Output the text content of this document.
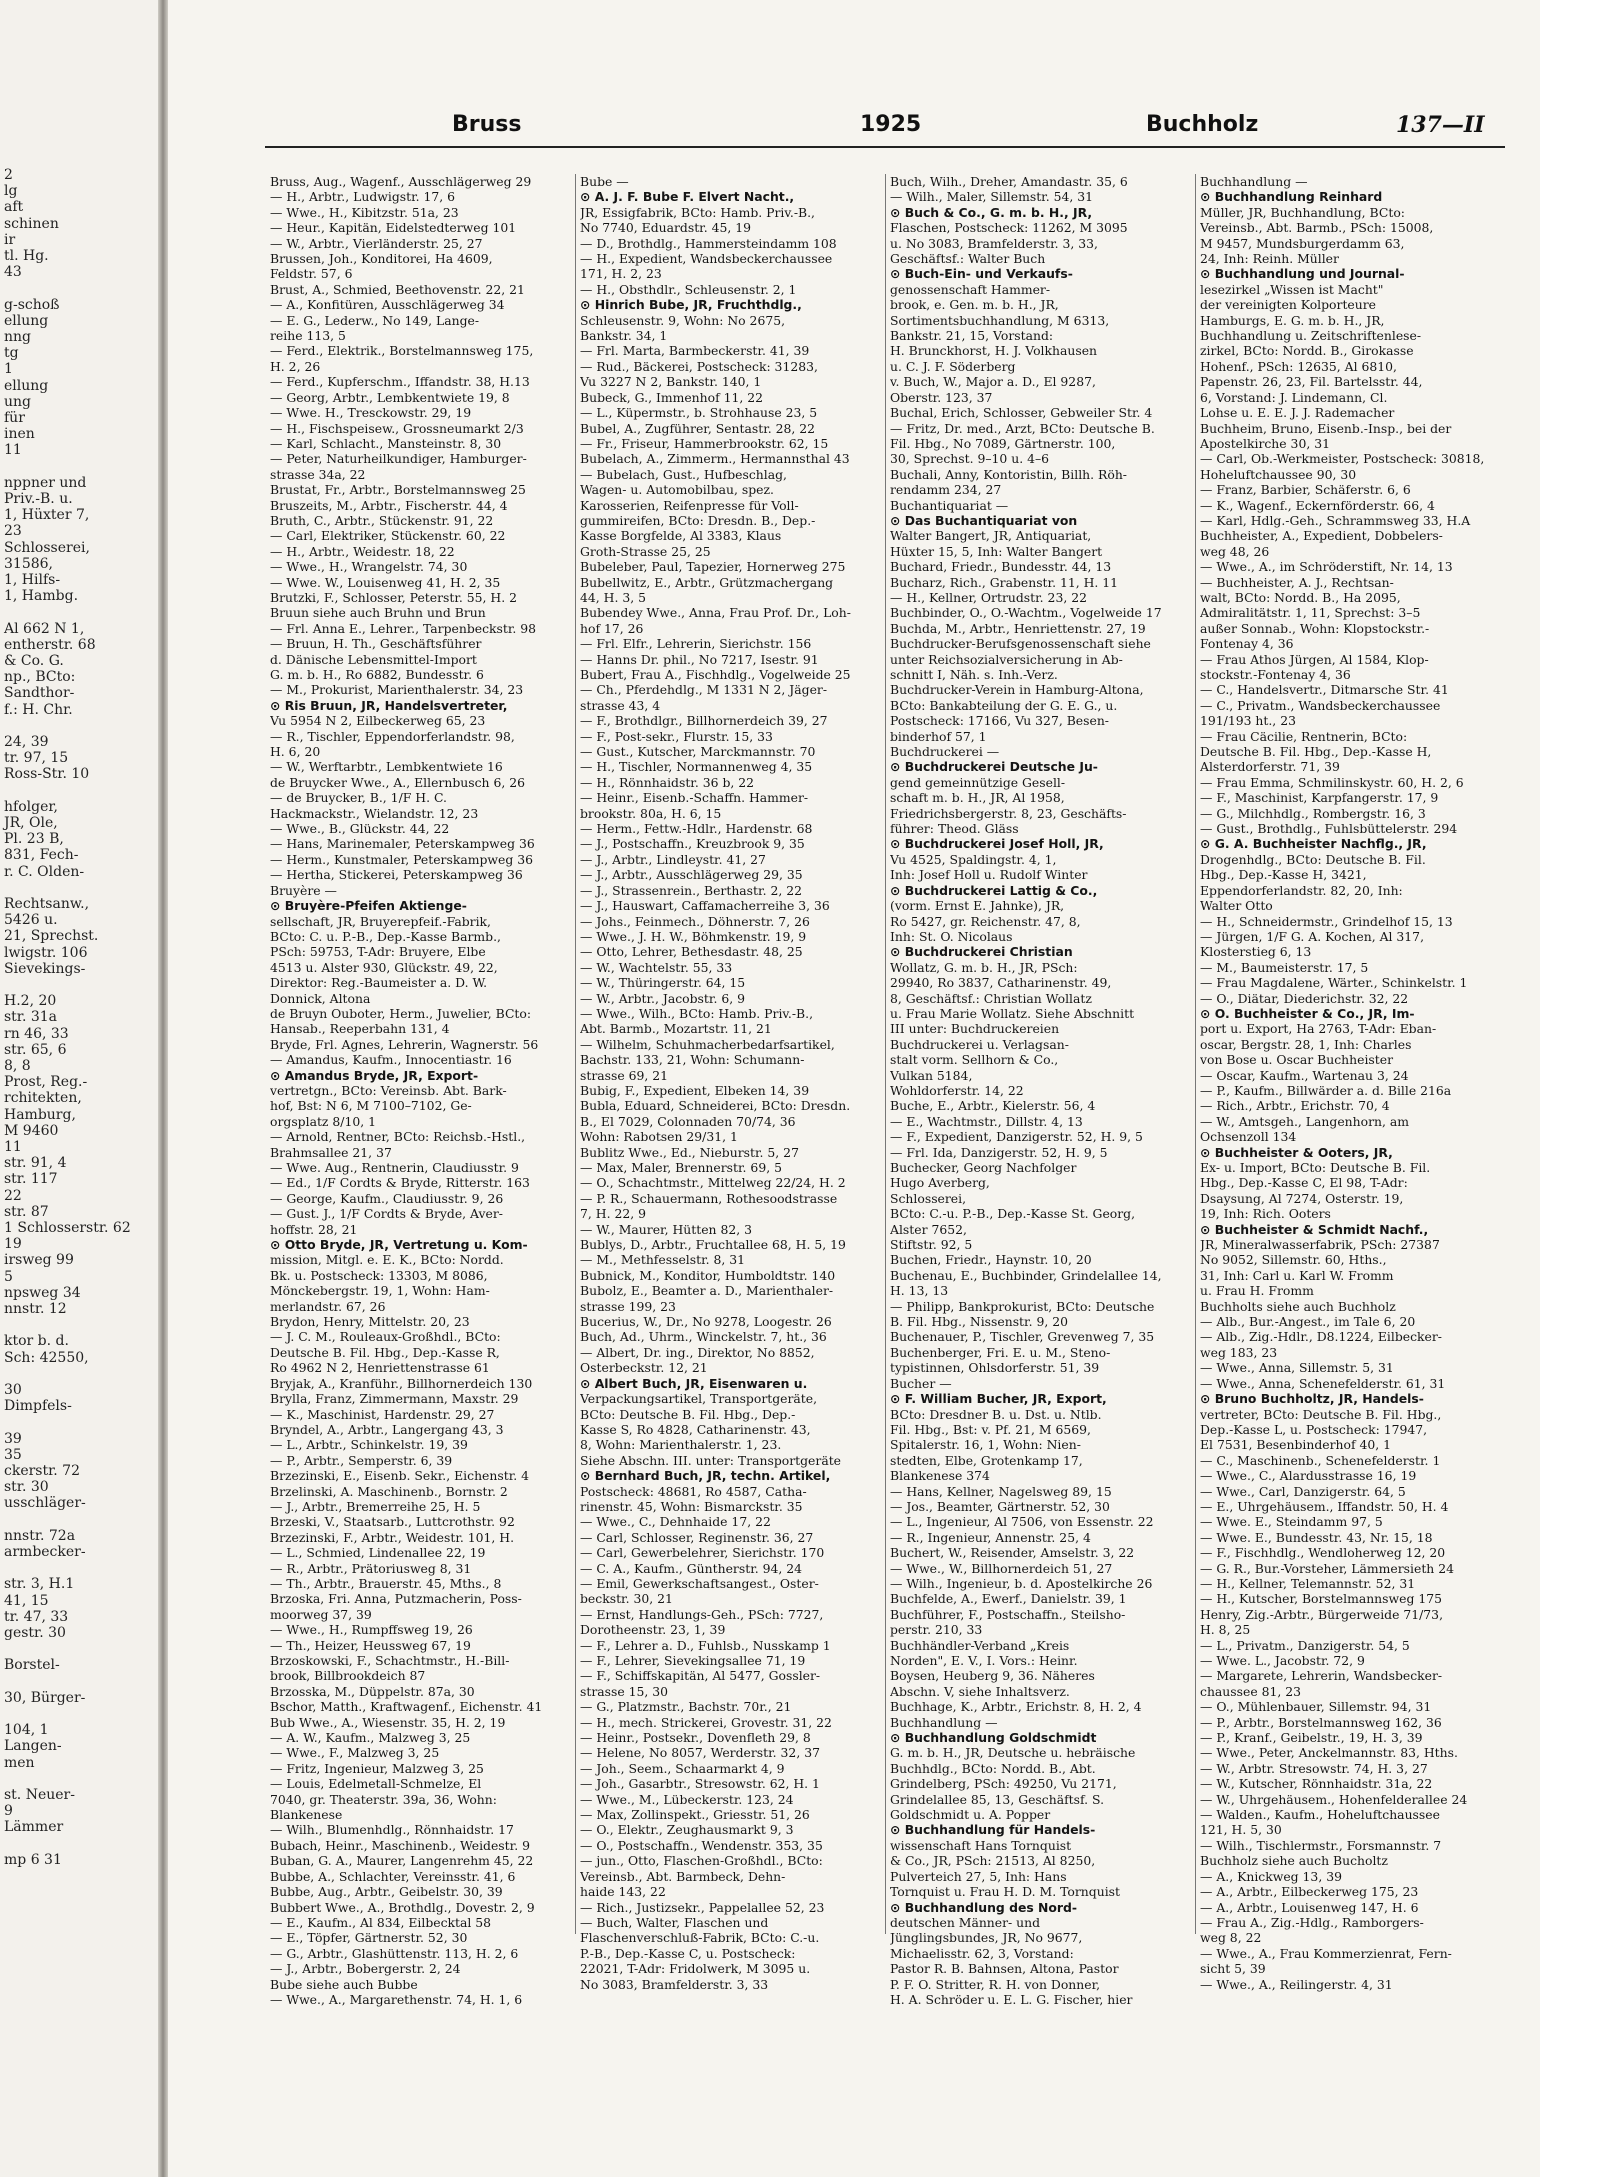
2
lg
aft
schinen
ir
tl. Hg.
43
g-schoß
ellung
nng
tg
1
ellung
ung
für
inen
11
nppner und
Priv.-B. u.
1, Hüxter 7,
23
Schlosserei,
31586,
1, Hilfs-
1, Hambg.
Al 662 N 1,
entherstr. 68
& Co. G.
np., BCto:
Sandthor-
f.: H. Chr.
24, 39
tr. 97, 15
Ross-Str. 10
hfolger,
JR, Ole,
Pl. 23 B,
831, Fech-
r. C. Olden-
Rechtsanw.,
5426 u.
21, Sprechst.
lwigstr. 106
Sievekings-
H.2, 20
str. 31a
rn 46, 33
str. 65, 6
8, 8
Prost, Reg.-
rchitekten,
Hamburg,
M 9460
11
str. 91, 4
str. 117
22
str. 87
1 Schlosserstr. 62
19
irsweg 99
5
npsweg 34
nnstr. 12
ktor b. d.
Sch: 42550,
30
Dimpfels-
39
35
ckerstr. 72
str. 30
usschläger-
nnstr. 72a
armbecker-
str. 3, H.1
41, 15
tr. 47, 33
gestr. 30
Borstel-
30, Bürger-
104, 1
Langen-
men
st. Neuer-
9
Lämmer
mp 6 31
Bruss	1925	Buchholz	137—II
Bruss, Aug., Wagenf., Ausschlägerweg 29
— H., Arbtr., Ludwigstr. 17, 6
— Wwe., H., Kibitzstr. 51a, 23
— Heur., Kapitän, Eidelstedterweg 101
— W., Arbtr., Vierländerstr. 25, 27
Brussen, Joh., Konditorei, Ha 4609,
Feldstr. 57, 6
Brust, A., Schmied, Beethovenstr. 22, 21
— A., Konfitüren, Ausschlägerweg 34
— E. G., Lederw., No 149, Lange-
reihe 113, 5
— Ferd., Elektrik., Borstelmannsweg 175,
H. 2, 26
— Ferd., Kupferschm., Iffandstr. 38, H.13
— Georg, Arbtr., Lembkentwiete 19, 8
— Wwe. H., Tresckowstr. 29, 19
— H., Fischspeisew., Grossneumarkt 2/3
— Karl, Schlacht., Mansteinstr. 8, 30
— Peter, Naturheilkundiger, Hamburger-
strasse 34a, 22
Brustat, Fr., Arbtr., Borstelmannsweg 25
Bruszeits, M., Arbtr., Fischerstr. 44, 4
Bruth, C., Arbtr., Stückenstr. 91, 22
— Carl, Elektriker, Stückenstr. 60, 22
— H., Arbtr., Weidestr. 18, 22
— Wwe., H., Wrangelstr. 74, 30
— Wwe. W., Louisenweg 41, H. 2, 35
Brutzki, F., Schlosser, Peterstr. 55, H. 2
Bruun siehe auch Bruhn und Brun
— Frl. Anna E., Lehrer., Tarpenbeckstr. 98
— Bruun, H. Th., Geschäftsführer
d. Dänische Lebensmittel-Import
G. m. b. H., Ro 6882, Bundesstr. 6
— M., Prokurist, Marienthalerstr. 34, 23
⊙ Ris Bruun, JR, Handelsvertreter,
Vu 5954 N 2, Eilbeckerweg 65, 23
— R., Tischler, Eppendorferlandstr. 98,
H. 6, 20
— W., Werftarbtr., Lembkentwiete 16
de Bruycker Wwe., A., Ellernbusch 6, 26
— de Bruycker, B., 1/F H. C.
Hackmackstr., Wielandstr. 12, 23
— Wwe., B., Glückstr. 44, 22
— Hans, Marinemaler, Peterskampweg 36
— Herm., Kunstmaler, Peterskampweg 36
— Hertha, Stickerei, Peterskampweg 36
Bruyère —
⊙ Bruyère-Pfeifen Aktienge-
sellschaft, JR, Bruyerepfeif.-Fabrik,
BCto: C. u. P.-B., Dep.-Kasse Barmb.,
PSch: 59753, T-Adr: Bruyere, Elbe
4513 u. Alster 930, Glückstr. 49, 22,
Direktor: Reg.-Baumeister a. D. W.
Donnick, Altona
de Bruyn Ouboter, Herm., Juwelier, BCto:
Hansab., Reeperbahn 131, 4
Bryde, Frl. Agnes, Lehrerin, Wagnerstr. 56
— Amandus, Kaufm., Innocentiastr. 16
⊙ Amandus Bryde, JR, Export-
vertretgn., BCto: Vereinsb. Abt. Bark-
hof, Bst: N 6, M 7100–7102, Ge-
orgsplatz 8/10, 1
— Arnold, Rentner, BCto: Reichsb.-Hstl.,
Brahmsallee 21, 37
— Wwe. Aug., Rentnerin, Claudiusstr. 9
— Ed., 1/F Cordts & Bryde, Ritterstr. 163
— George, Kaufm., Claudiusstr. 9, 26
— Gust. J., 1/F Cordts & Bryde, Aver-
hoffstr. 28, 21
⊙ Otto Bryde, JR, Vertretung u. Kom-
mission, Mitgl. e. E. K., BCto: Nordd.
Bk. u. Postscheck: 13303, M 8086,
Mönckebergstr. 19, 1, Wohn: Ham-
merlandstr. 67, 26
Brydon, Henry, Mittelstr. 20, 23
— J. C. M., Rouleaux-Großhdl., BCto:
Deutsche B. Fil. Hbg., Dep.-Kasse R,
Ro 4962 N 2, Henriettenstrasse 61
Bryjak, A., Kranführ., Billhornerdeich 130
Brylla, Franz, Zimmermann, Maxstr. 29
— K., Maschinist, Hardenstr. 29, 27
Bryndel, A., Arbtr., Langergang 43, 3
— L., Arbtr., Schinkelstr. 19, 39
— P., Arbtr., Semperstr. 6, 39
Brzezinski, E., Eisenb. Sekr., Eichenstr. 4
Brzelinski, A. Maschinenb., Bornstr. 2
— J., Arbtr., Bremerreihe 25, H. 5
Brzeski, V., Staatsarb., Luttcrothstr. 92
Brzezinski, F., Arbtr., Weidestr. 101, H.
— L., Schmied, Lindenallee 22, 19
— R., Arbtr., Prätoriusweg 8, 31
— Th., Arbtr., Brauerstr. 45, Mths., 8
Brzoska, Fri. Anna, Putzmacherin, Poss-
moorweg 37, 39
— Wwe., H., Rumpffsweg 19, 26
— Th., Heizer, Heussweg 67, 19
Brzoskowski, F., Schachtmstr., H.-Bill-
brook, Billbrookdeich 87
Brzosska, M., Düppelstr. 87a, 30
Bschor, Matth., Kraftwagenf., Eichenstr. 41
Bub Wwe., A., Wiesenstr. 35, H. 2, 19
— A. W., Kaufm., Malzweg 3, 25
— Wwe., F., Malzweg 3, 25
— Fritz, Ingenieur, Malzweg 3, 25
— Louis, Edelmetall-Schmelze, El
7040, gr. Theaterstr. 39a, 36, Wohn:
Blankenese
— Wilh., Blumenhdlg., Rönnhaidstr. 17
Bubach, Heinr., Maschinenb., Weidestr. 9
Buban, G. A., Maurer, Langenrehm 45, 22
Bubbe, A., Schlachter, Vereinsstr. 41, 6
Bubbe, Aug., Arbtr., Geibelstr. 30, 39
Bubbert Wwe., A., Brothdlg., Dovestr. 2, 9
— E., Kaufm., Al 834, Eilbecktal 58
— E., Töpfer, Gärtnerstr. 52, 30
— G., Arbtr., Glashüttenstr. 113, H. 2, 6
— J., Arbtr., Bobergerstr. 2, 24
Bube siehe auch Bubbe
— Wwe., A., Margarethenstr. 74, H. 1, 6
Bube —
⊙ A. J. F. Bube F. Elvert Nacht.,
JR, Essigfabrik, BCto: Hamb. Priv.-B.,
No 7740, Eduardstr. 45, 19
— D., Brothdlg., Hammersteindamm 108
— H., Expedient, Wandsbeckerchaussee
171, H. 2, 23
— H., Obsthdlr., Schleusenstr. 2, 1
⊙ Hinrich Bube, JR, Fruchthdlg.,
Schleusenstr. 9, Wohn: No 2675,
Bankstr. 34, 1
— Frl. Marta, Barmbeckerstr. 41, 39
— Rud., Bäckerei, Postscheck: 31283,
Vu 3227 N 2, Bankstr. 140, 1
Bubeck, G., Immenhof 11, 22
— L., Küpermstr., b. Strohhause 23, 5
Bubel, A., Zugführer, Sentastr. 28, 22
— Fr., Friseur, Hammerbrookstr. 62, 15
Bubelach, A., Zimmerm., Hermannsthal 43
— Bubelach, Gust., Hufbeschlag,
Wagen- u. Automobilbau, spez.
Karosserien, Reifenpresse für Voll-
gummireifen, BCto: Dresdn. B., Dep.-
Kasse Borgfelde, Al 3383, Klaus
Groth-Strasse 25, 25
Bubeleber, Paul, Tapezier, Hornerweg 275
Bubellwitz, E., Arbtr., Grützmachergang
44, H. 3, 5
Bubendey Wwe., Anna, Frau Prof. Dr., Loh-
hof 17, 26
— Frl. Elfr., Lehrerin, Sierichstr. 156
— Hanns Dr. phil., No 7217, Isestr. 91
Bubert, Frau A., Fischhdlg., Vogelweide 25
— Ch., Pferdehdlg., M 1331 N 2, Jäger-
strasse 43, 4
— F., Brothdlgr., Billhornerdeich 39, 27
— F., Post-sekr., Flurstr. 15, 33
— Gust., Kutscher, Marckmannstr. 70
— H., Tischler, Normannenweg 4, 35
— H., Rönnhaidstr. 36 b, 22
— Heinr., Eisenb.-Schaffn. Hammer-
brookstr. 80a, H. 6, 15
— Herm., Fettw.-Hdlr., Hardenstr. 68
— J., Postschaffn., Kreuzbrook 9, 35
— J., Arbtr., Lindleystr. 41, 27
— J., Arbtr., Ausschlägerweg 29, 35
— J., Strassenrein., Berthastr. 2, 22
— J., Hauswart, Caffamacherreihe 3, 36
— Johs., Feinmech., Döhnerstr. 7, 26
— Wwe., J. H. W., Böhmkenstr. 19, 9
— Otto, Lehrer, Bethesdastr. 48, 25
— W., Wachtelstr. 55, 33
— W., Thüringerstr. 64, 15
— W., Arbtr., Jacobstr. 6, 9
— Wwe., Wilh., BCto: Hamb. Priv.-B.,
Abt. Barmb., Mozartstr. 11, 21
— Wilhelm, Schuhmacherbedarfsartikel,
Bachstr. 133, 21, Wohn: Schumann-
strasse 69, 21
Bubig, F., Expedient, Elbeken 14, 39
Bubla, Eduard, Schneiderei, BCto: Dresdn.
B., El 7029, Colonnaden 70/74, 36
Wohn: Rabotsen 29/31, 1
Bublitz Wwe., Ed., Nieburstr. 5, 27
— Max, Maler, Brennerstr. 69, 5
— O., Schachtmstr., Mittelweg 22/24, H. 2
— P. R., Schauermann, Rothesoodstrasse
7, H. 22, 9
— W., Maurer, Hütten 82, 3
Bublys, D., Arbtr., Fruchtallee 68, H. 5, 19
— M., Methfesselstr. 8, 31
Bubnick, M., Konditor, Humboldtstr. 140
Bubolz, E., Beamter a. D., Marienthaler-
strasse 199, 23
Bucerius, W., Dr., No 9278, Loogestr. 26
Buch, Ad., Uhrm., Winckelstr. 7, ht., 36
— Albert, Dr. ing., Direktor, No 8852,
Osterbeckstr. 12, 21
⊙ Albert Buch, JR, Eisenwaren u.
Verpackungsartikel, Transportgeräte,
BCto: Deutsche B. Fil. Hbg., Dep.-
Kasse S, Ro 4828, Catharinenstr. 43,
8, Wohn: Marienthalerstr. 1, 23.
Siehe Abschn. III. unter: Transportgeräte
⊙ Bernhard Buch, JR, techn. Artikel,
Postscheck: 48681, Ro 4587, Catha-
rinenstr. 45, Wohn: Bismarckstr. 35
— Wwe., C., Dehnhaide 17, 22
— Carl, Schlosser, Reginenstr. 36, 27
— Carl, Gewerbelehrer, Sierichstr. 170
— C. A., Kaufm., Güntherstr. 94, 24
— Emil, Gewerkschaftsangest., Oster-
beckstr. 30, 21
— Ernst, Handlungs-Geh., PSch: 7727,
Dorotheenstr. 23, 1, 39
— F., Lehrer a. D., Fuhlsb., Nusskamp 1
— F., Lehrer, Sievekingsallee 71, 19
— F., Schiffskapitän, Al 5477, Gossler-
strasse 15, 30
— G., Platzmstr., Bachstr. 70r., 21
— H., mech. Strickerei, Grovestr. 31, 22
— Heinr., Postsekr., Dovenfleth 29, 8
— Helene, No 8057, Werderstr. 32, 37
— Joh., Seem., Schaarmarkt 4, 9
— Joh., Gasarbtr., Stresowstr. 62, H. 1
— Wwe., M., Lübeckerstr. 123, 24
— Max, Zollinspekt., Griesstr. 51, 26
— O., Elektr., Zeughausmarkt 9, 3
— O., Postschaffn., Wendenstr. 353, 35
— jun., Otto, Flaschen-Großhdl., BCto:
Vereinsb., Abt. Barmbeck, Dehn-
haide 143, 22
— Rich., Justizsekr., Pappelallee 52, 23
— Buch, Walter, Flaschen und
Flaschenverschluß-Fabrik, BCto: C.-u.
P.-B., Dep.-Kasse C, u. Postscheck:
22021, T-Adr: Fridolwerk, M 3095 u.
No 3083, Bramfelderstr. 3, 33
Buch, Wilh., Dreher, Amandastr. 35, 6
— Wilh., Maler, Sillemstr. 54, 31
⊙ Buch & Co., G. m. b. H., JR,
Flaschen, Postscheck: 11262, M 3095
u. No 3083, Bramfelderstr. 3, 33,
Geschäftsf.: Walter Buch
⊙ Buch-Ein- und Verkaufs-
genossenschaft Hammer-
brook, e. Gen. m. b. H., JR,
Sortimentsbuchhandlung, M 6313,
Bankstr. 21, 15, Vorstand:
H. Brunckhorst, H. J. Volkhausen
u. C. J. F. Söderberg
v. Buch, W., Major a. D., El 9287,
Oberstr. 123, 37
Buchal, Erich, Schlosser, Gebweiler Str. 4
— Fritz, Dr. med., Arzt, BCto: Deutsche B.
Fil. Hbg., No 7089, Gärtnerstr. 100,
30, Sprechst. 9–10 u. 4–6
Buchali, Anny, Kontoristin, Billh. Röh-
rendamm 234, 27
Buchantiquariat —
⊙ Das Buchantiquariat von
Walter Bangert, JR, Antiquariat,
Hüxter 15, 5, Inh: Walter Bangert
Buchard, Friedr., Bundesstr. 44, 13
Bucharz, Rich., Grabenstr. 11, H. 11
— H., Kellner, Ortrudstr. 23, 22
Buchbinder, O., O.-Wachtm., Vogelweide 17
Buchda, M., Arbtr., Henriettenstr. 27, 19
Buchdrucker-Berufsgenossenschaft siehe
unter Reichsozialversicherung in Ab-
schnitt I, Näh. s. Inh.-Verz.
Buchdrucker-Verein in Hamburg-Altona,
BCto: Bankabteilung der G. E. G., u.
Postscheck: 17166, Vu 327, Besen-
binderhof 57, 1
Buchdruckerei —
⊙ Buchdruckerei Deutsche Ju-
gend gemeinnützige Gesell-
schaft m. b. H., JR, Al 1958,
Friedrichsbergerstr. 8, 23, Geschäfts-
führer: Theod. Gläss
⊙ Buchdruckerei Josef Holl, JR,
Vu 4525, Spaldingstr. 4, 1,
Inh: Josef Holl u. Rudolf Winter
⊙ Buchdruckerei Lattig & Co.,
(vorm. Ernst E. Jahnke), JR,
Ro 5427, gr. Reichenstr. 47, 8,
Inh: St. O. Nicolaus
⊙ Buchdruckerei Christian
Wollatz, G. m. b. H., JR, PSch:
29940, Ro 3837, Catharinenstr. 49,
8, Geschäftsf.: Christian Wollatz
u. Frau Marie Wollatz. Siehe Abschnitt
III unter: Buchdruckereien
Buchdruckerei u. Verlagsan-
stalt vorm. Sellhorn & Co.,
Vulkan 5184,
Wohldorferstr. 14, 22
Buche, E., Arbtr., Kielerstr. 56, 4
— E., Wachtmstr., Dillstr. 4, 13
— F., Expedient, Danzigerstr. 52, H. 9, 5
— Frl. Ida, Danzigerstr. 52, H. 9, 5
Buchecker, Georg Nachfolger
Hugo Averberg,
Schlosserei,
BCto: C.-u. P.-B., Dep.-Kasse St. Georg,
Alster 7652,
Stiftstr. 92, 5
Buchen, Friedr., Haynstr. 10, 20
Buchenau, E., Buchbinder, Grindelallee 14,
H. 13, 13
— Philipp, Bankprokurist, BCto: Deutsche
B. Fil. Hbg., Nissenstr. 9, 20
Buchenauer, P., Tischler, Grevenweg 7, 35
Buchenberger, Fri. E. u. M., Steno-
typistinnen, Ohlsdorferstr. 51, 39
Bucher —
⊙ F. William Bucher, JR, Export,
BCto: Dresdner B. u. Dst. u. Ntlb.
Fil. Hbg., Bst: v. Pf. 21, M 6569,
Spitalerstr. 16, 1, Wohn: Nien-
stedten, Elbe, Grotenkamp 17,
Blankenese 374
— Hans, Kellner, Nagelsweg 89, 15
— Jos., Beamter, Gärtnerstr. 52, 30
— L., Ingenieur, Al 7506, von Essenstr. 22
— R., Ingenieur, Annenstr. 25, 4
Buchert, W., Reisender, Amselstr. 3, 22
— Wwe., W., Billhornerdeich 51, 27
— Wilh., Ingenieur, b. d. Apostelkirche 26
Buchfelde, A., Ewerf., Danielstr. 39, 1
Buchführer, F., Postschaffn., Steilsho-
perstr. 210, 33
Buchhändler-Verband „Kreis
Norden", E. V., I. Vors.: Heinr.
Boysen, Heuberg 9, 36. Näheres
Abschn. V, siehe Inhaltsverz.
Buchhage, K., Arbtr., Erichstr. 8, H. 2, 4
Buchhandlung —
⊙ Buchhandlung Goldschmidt
G. m. b. H., JR, Deutsche u. hebräische
Buchhdlg., BCto: Nordd. B., Abt.
Grindelberg, PSch: 49250, Vu 2171,
Grindelallee 85, 13, Geschäftsf. S.
Goldschmidt u. A. Popper
⊙ Buchhandlung für Handels-
wissenschaft Hans Tornquist
& Co., JR, PSch: 21513, Al 8250,
Pulverteich 27, 5, Inh: Hans
Tornquist u. Frau H. D. M. Tornquist
⊙ Buchhandlung des Nord-
deutschen Männer- und
Jünglingsbundes, JR, No 9677,
Michaelisstr. 62, 3, Vorstand:
Pastor R. B. Bahnsen, Altona, Pastor
P. F. O. Stritter, R. H. von Donner,
H. A. Schröder u. E. L. G. Fischer, hier
Buchhandlung —
⊙ Buchhandlung Reinhard
Müller, JR, Buchhandlung, BCto:
Vereinsb., Abt. Barmb., PSch: 15008,
M 9457, Mundsburgerdamm 63,
24, Inh: Reinh. Müller
⊙ Buchhandlung und Journal-
lesezirkel „Wissen ist Macht"
der vereinigten Kolporteure
Hamburgs, E. G. m. b. H., JR,
Buchhandlung u. Zeitschriftenlese-
zirkel, BCto: Nordd. B., Girokasse
Hohenf., PSch: 12635, Al 6810,
Papenstr. 26, 23, Fil. Bartelsstr. 44,
6, Vorstand: J. Lindemann, Cl.
Lohse u. E. E. J. J. Rademacher
Buchheim, Bruno, Eisenb.-Insp., bei der
Apostelkirche 30, 31
— Carl, Ob.-Werkmeister, Postscheck: 30818,
Hoheluftchaussee 90, 30
— Franz, Barbier, Schäferstr. 6, 6
— K., Wagenf., Eckernförderstr. 66, 4
— Karl, Hdlg.-Geh., Schrammsweg 33, H.A
Buchheister, A., Expedient, Dobbelers-
weg 48, 26
— Wwe., A., im Schröderstift, Nr. 14, 13
— Buchheister, A. J., Rechtsan-
walt, BCto: Nordd. B., Ha 2095,
Admiralitätstr. 1, 11, Sprechst: 3–5
außer Sonnab., Wohn: Klopstockstr.-
Fontenay 4, 36
— Frau Athos Jürgen, Al 1584, Klop-
stockstr.-Fontenay 4, 36
— C., Handelsvertr., Ditmarsche Str. 41
— C., Privatm., Wandsbeckerchaussee
191/193 ht., 23
— Frau Cäcilie, Rentnerin, BCto:
Deutsche B. Fil. Hbg., Dep.-Kasse H,
Alsterdorferstr. 71, 39
— Frau Emma, Schmilinskystr. 60, H. 2, 6
— F., Maschinist, Karpfangerstr. 17, 9
— G., Milchhdlg., Rombergstr. 16, 3
— Gust., Brothdlg., Fuhlsbüttelerstr. 294
⊙ G. A. Buchheister Nachflg., JR,
Drogenhdlg., BCto: Deutsche B. Fil.
Hbg., Dep.-Kasse H, 3421,
Eppendorferlandstr. 82, 20, Inh:
Walter Otto
— H., Schneidermstr., Grindelhof 15, 13
— Jürgen, 1/F G. A. Kochen, Al 317,
Klosterstieg 6, 13
— M., Baumeisterstr. 17, 5
— Frau Magdalene, Wärter., Schinkelstr. 1
— O., Diätar, Diederichstr. 32, 22
⊙ O. Buchheister & Co., JR, Im-
port u. Export, Ha 2763, T-Adr: Eban-
oscar, Bergstr. 28, 1, Inh: Charles
von Bose u. Oscar Buchheister
— Oscar, Kaufm., Wartenau 3, 24
— P., Kaufm., Billwärder a. d. Bille 216a
— Rich., Arbtr., Erichstr. 70, 4
— W., Amtsgeh., Langenhorn, am
Ochsenzoll 134
⊙ Buchheister & Ooters, JR,
Ex- u. Import, BCto: Deutsche B. Fil.
Hbg., Dep.-Kasse C, El 98, T-Adr:
Dsaysung, Al 7274, Osterstr. 19,
19, Inh: Rich. Ooters
⊙ Buchheister & Schmidt Nachf.,
JR, Mineralwasserfabrik, PSch: 27387
No 9052, Sillemstr. 60, Hths.,
31, Inh: Carl u. Karl W. Fromm
u. Frau H. Fromm
Buchholts siehe auch Buchholz
— Alb., Bur.-Angest., im Tale 6, 20
— Alb., Zig.-Hdlr., D8.1224, Eilbecker-
weg 183, 23
— Wwe., Anna, Sillemstr. 5, 31
— Wwe., Anna, Schenefelderstr. 61, 31
⊙ Bruno Buchholtz, JR, Handels-
vertreter, BCto: Deutsche B. Fil. Hbg.,
Dep.-Kasse L, u. Postscheck: 17947,
El 7531, Besenbinderhof 40, 1
— C., Maschinenb., Schenefelderstr. 1
— Wwe., C., Alardusstrasse 16, 19
— Wwe., Carl, Danzigerstr. 64, 5
— E., Uhrgehäusem., Iffandstr. 50, H. 4
— Wwe. E., Steindamm 97, 5
— Wwe. E., Bundesstr. 43, Nr. 15, 18
— F., Fischhdlg., Wendloherweg 12, 20
— G. R., Bur.-Vorsteher, Lämmersieth 24
— H., Kellner, Telemannstr. 52, 31
— H., Kutscher, Borstelmannsweg 175
Henry, Zig.-Arbtr., Bürgerweide 71/73,
H. 8, 25
— L., Privatm., Danzigerstr. 54, 5
— Wwe. L., Jacobstr. 72, 9
— Margarete, Lehrerin, Wandsbecker-
chaussee 81, 23
— O., Mühlenbauer, Sillemstr. 94, 31
— P., Arbtr., Borstelmannsweg 162, 36
— P., Kranf., Geibelstr., 19, H. 3, 39
— Wwe., Peter, Anckelmannstr. 83, Hths.
— W., Arbtr. Stresowstr. 74, H. 3, 27
— W., Kutscher, Rönnhaidstr. 31a, 22
— W., Uhrgehäusem., Hohenfelderallee 24
— Walden., Kaufm., Hoheluftchaussee
121, H. 5, 30
— Wilh., Tischlermstr., Forsmannstr. 7
Buchholz siehe auch Bucholtz
— A., Knickweg 13, 39
— A., Arbtr., Eilbeckerweg 175, 23
— A., Arbtr., Louisenweg 147, H. 6
— Frau A., Zig.-Hdlg., Ramborgers-
weg 8, 22
— Wwe., A., Frau Kommerzienrat, Fern-
sicht 5, 39
— Wwe., A., Reilingerstr. 4, 31
